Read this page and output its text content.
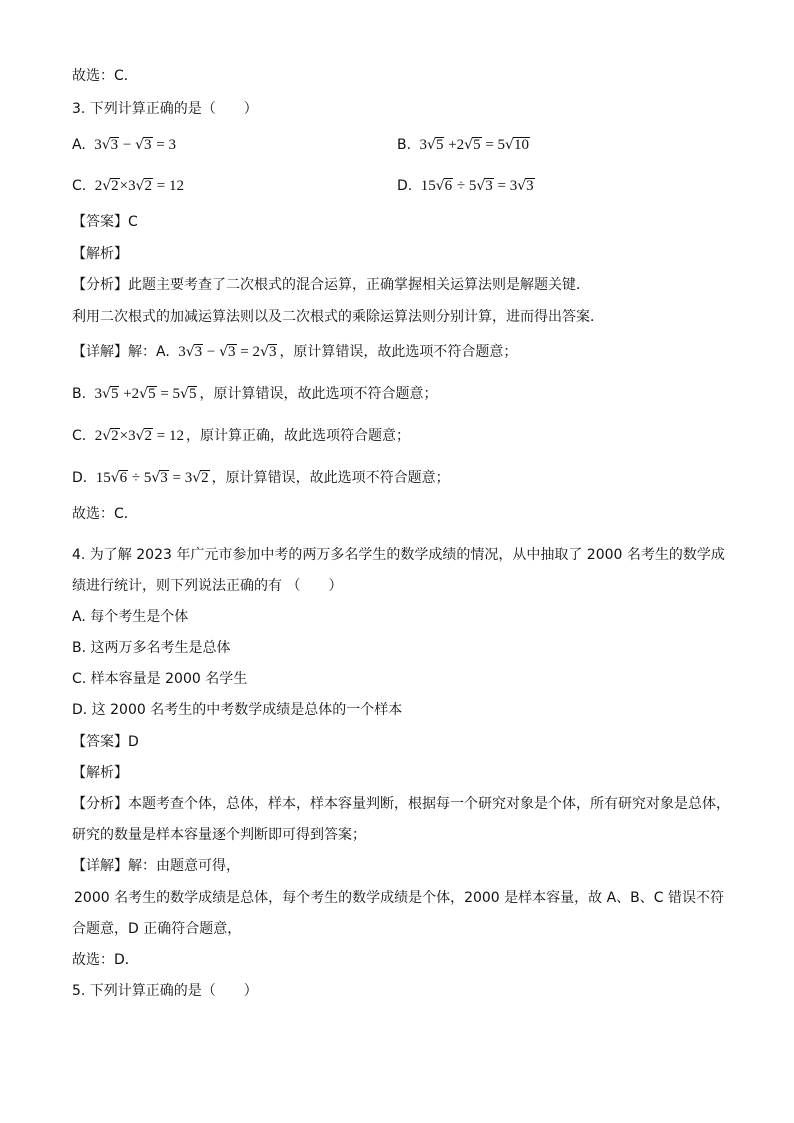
故选：C．
3. 下列计算正确的是（　　）
A. 3√3 − √3 = 3	B. 3√5 +2√5 = 5√10
C. 2√2×3√2 = 12	D. 15√6 ÷ 5√3 = 3√3
【答案】C
【解析】
【分析】此题主要考查了二次根式的混合运算，正确掌握相关运算法则是解题关键．
利用二次根式的加减运算法则以及二次根式的乘除运算法则分别计算，进而得出答案．
【详解】解：A. 3√3 − √3 = 2√3 ，原计算错误，故此选项不符合题意；
B. 3√5 +2√5 = 5√5 ，原计算错误，故此选项不符合题意；
C. 2√2×3√2 = 12 ，原计算正确，故此选项符合题意；
D. 15√6 ÷ 5√3 = 3√2 ，原计算错误，故此选项不符合题意；
故选：C．
4. 为了解 2023 年广元市参加中考的两万多名学生的数学成绩的情况，从中抽取了 2000 名考生的数学成
绩进行统计，则下列说法正确的有 （　　）
A. 每个考生是个体
B. 这两万多名考生是总体
C. 样本容量是 2000 名学生
D. 这 2000 名考生的中考数学成绩是总体的一个样本
【答案】D
【解析】
【分析】本题考查个体，总体，样本，样本容量判断，根据每一个研究对象是个体，所有研究对象是总体，
研究的数量是样本容量逐个判断即可得到答案；
【详解】解：由题意可得，
2000 名考生的数学成绩是总体，每个考生的数学成绩是个体，2000 是样本容量，故 A、B、C 错误不符
合题意，D 正确符合题意，
故选：D．
5. 下列计算正确的是（　　）
